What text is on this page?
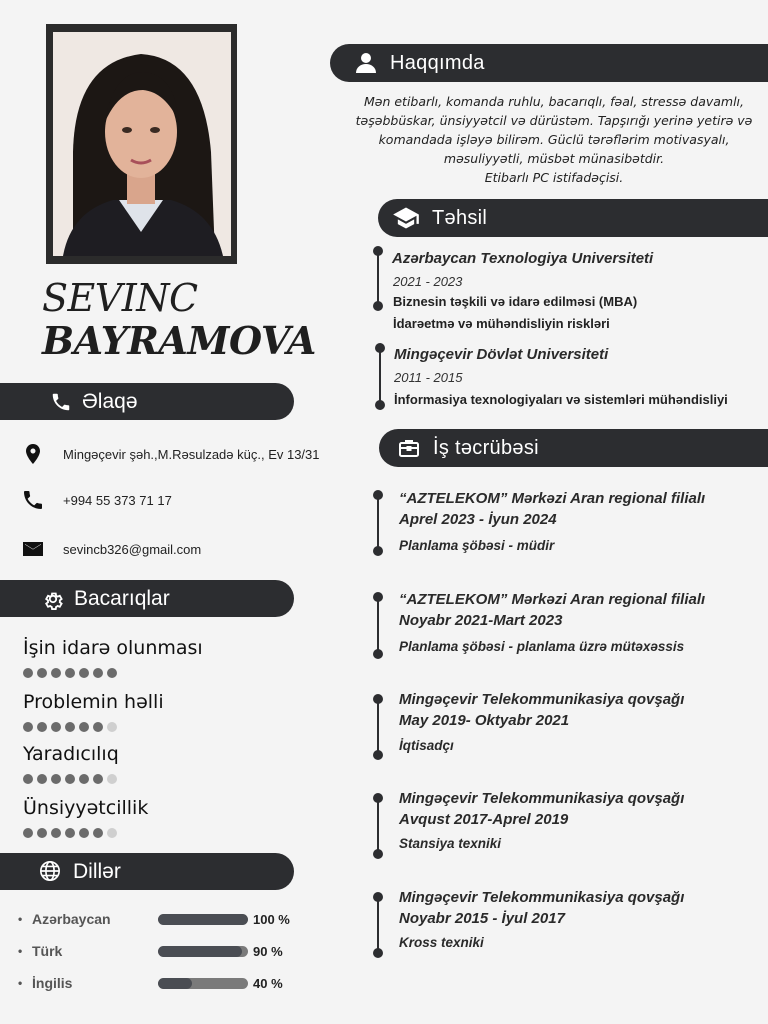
SEVINC
BAYRAMOVA
Əlaqə
Mingəçevir şəh.,M.Rəsulzadə küç., Ev 13/31
+994 55 373 71 17
sevincb326@gmail.com
Bacarıqlar
İşin idarə olunması
Problemin həlli
Yaradıcılıq
Ünsiyyətcillik
Dillər
• Azərbaycan	100 %
• Türk	90 %
• İngilis	40 %
Haqqımda
Mən etibarlı, komanda ruhlu, bacarıqlı, fəal, stressə davamlı,
təşəbbüskar, ünsiyyətcil və dürüstəm. Tapşırığı yerinə yetirə və
komandada işləyə bilirəm. Güclü tərəflərim motivasyalı,
məsuliyyətli, müsbət münasibətdir.
Etibarlı PC istifadəçisi.
Təhsil
Azərbaycan Texnologiya Universiteti
2021 - 2023
Biznesin təşkili və idarə edilməsi (MBA)
İdarəetmə və mühəndisliyin riskləri
Mingəçevir Dövlət Universiteti
2011 - 2015
İnformasiya texnologiyaları və sistemləri mühəndisliyi
İş təcrübəsi
“AZTELEKOM” Mərkəzi Aran regional filialı
Aprel 2023 - İyun 2024
Planlama şöbəsi - müdir
“AZTELEKOM” Mərkəzi Aran regional filialı
Noyabr 2021-Mart 2023
Planlama şöbəsi - planlama üzrə mütəxəssis
Mingəçevir Telekommunikasiya qovşağı
May 2019- Oktyabr 2021
İqtisadçı
Mingəçevir Telekommunikasiya qovşağı
Avqust 2017-Aprel 2019
Stansiya texniki
Mingəçevir Telekommunikasiya qovşağı
Noyabr 2015 - İyul 2017
Kross texniki
